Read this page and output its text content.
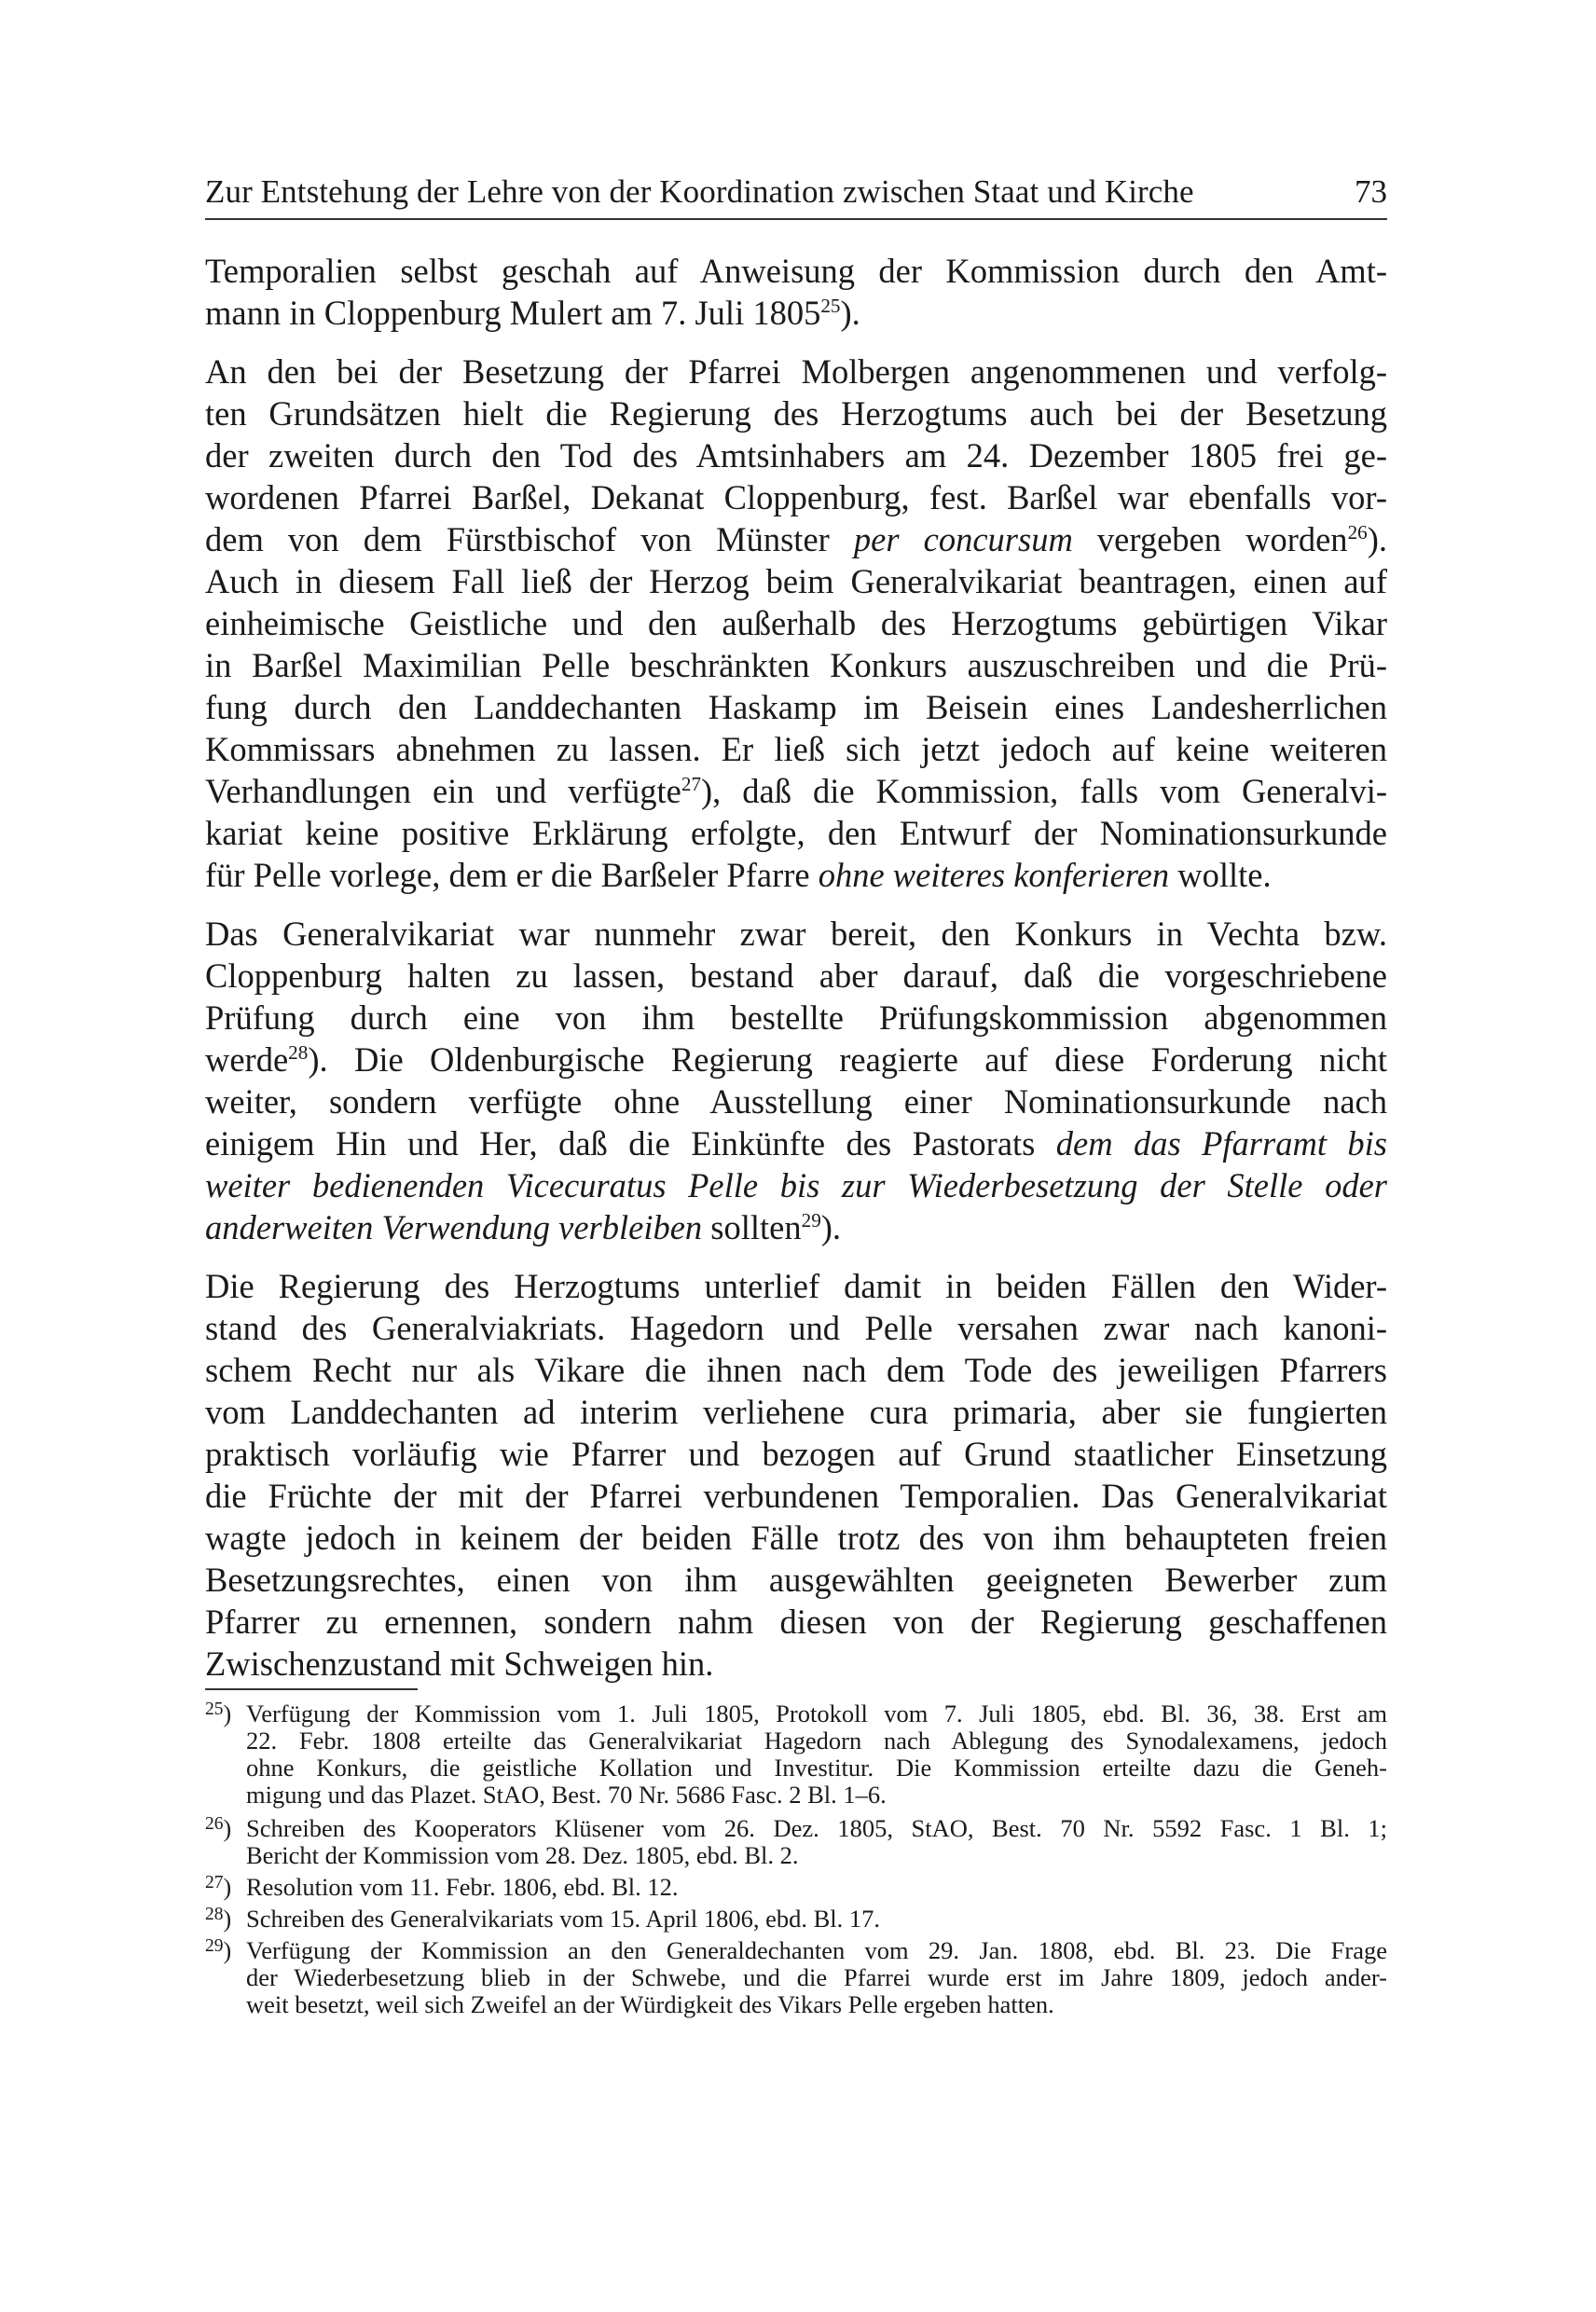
Zur Entstehung der Lehre von der Koordination zwischen Staat und Kirche	73

Temporalien selbst geschah auf Anweisung der Kommission durch den Amt-
mann in Cloppenburg Mulert am 7. Juli 1805$^{25}$).

An den bei der Besetzung der Pfarrei Molbergen angenommenen und verfolg-
ten Grundsätzen hielt die Regierung des Herzogtums auch bei der Besetzung
der zweiten durch den Tod des Amtsinhabers am 24. Dezember 1805 frei ge-
wordenen Pfarrei Barßel, Dekanat Cloppenburg, fest. Barßel war ebenfalls vor-
dem von dem Fürstbischof von Münster per concursum vergeben worden$^{26}$).
Auch in diesem Fall ließ der Herzog beim Generalvikariat beantragen, einen auf
einheimische Geistliche und den außerhalb des Herzogtums gebürtigen Vikar
in Barßel Maximilian Pelle beschränkten Konkurs auszuschreiben und die Prü-
fung durch den Landdechanten Haskamp im Beisein eines Landesherrlichen
Kommissars abnehmen zu lassen. Er ließ sich jetzt jedoch auf keine weiteren
Verhandlungen ein und verfügte$^{27}$), daß die Kommission, falls vom Generalvi-
kariat keine positive Erklärung erfolgte, den Entwurf der Nominationsurkunde
für Pelle vorlege, dem er die Barßeler Pfarre ohne weiteres konferieren wollte.

Das Generalvikariat war nunmehr zwar bereit, den Konkurs in Vechta bzw.
Cloppenburg halten zu lassen, bestand aber darauf, daß die vorgeschriebene
Prüfung durch eine von ihm bestellte Prüfungskommission abgenommen
werde$^{28}$). Die Oldenburgische Regierung reagierte auf diese Forderung nicht
weiter, sondern verfügte ohne Ausstellung einer Nominationsurkunde nach
einigem Hin und Her, daß die Einkünfte des Pastorats dem das Pfarramt bis
weiter bedienenden Vicecuratus Pelle bis zur Wiederbesetzung der Stelle oder
anderweiten Verwendung verbleiben sollten$^{29}$).

Die Regierung des Herzogtums unterlief damit in beiden Fällen den Wider-
stand des Generalviakriats. Hagedorn und Pelle versahen zwar nach kanoni-
schem Recht nur als Vikare die ihnen nach dem Tode des jeweiligen Pfarrers
vom Landdechanten ad interim verliehene cura primaria, aber sie fungierten
praktisch vorläufig wie Pfarrer und bezogen auf Grund staatlicher Einsetzung
die Früchte der mit der Pfarrei verbundenen Temporalien. Das Generalvikariat
wagte jedoch in keinem der beiden Fälle trotz des von ihm behaupteten freien
Besetzungsrechtes, einen von ihm ausgewählten geeigneten Bewerber zum
Pfarrer zu ernennen, sondern nahm diesen von der Regierung geschaffenen
Zwischenzustand mit Schweigen hin.

$^{25}$) Verfügung der Kommission vom 1. Juli 1805, Protokoll vom 7. Juli 1805, ebd. Bl. 36, 38. Erst am
22. Febr. 1808 erteilte das Generalvikariat Hagedorn nach Ablegung des Synodalexamens, jedoch
ohne Konkurs, die geistliche Kollation und Investitur. Die Kommission erteilte dazu die Geneh-
migung und das Plazet. StAO, Best. 70 Nr. 5686 Fasc. 2 Bl. 1–6.
$^{26}$) Schreiben des Kooperators Klüsener vom 26. Dez. 1805, StAO, Best. 70 Nr. 5592 Fasc. 1 Bl. 1;
Bericht der Kommission vom 28. Dez. 1805, ebd. Bl. 2.
$^{27}$) Resolution vom 11. Febr. 1806, ebd. Bl. 12.
$^{28}$) Schreiben des Generalvikariats vom 15. April 1806, ebd. Bl. 17.
$^{29}$) Verfügung der Kommission an den Generaldechanten vom 29. Jan. 1808, ebd. Bl. 23. Die Frage
der Wiederbesetzung blieb in der Schwebe, und die Pfarrei wurde erst im Jahre 1809, jedoch ander-
weit besetzt, weil sich Zweifel an der Würdigkeit des Vikars Pelle ergeben hatten.
